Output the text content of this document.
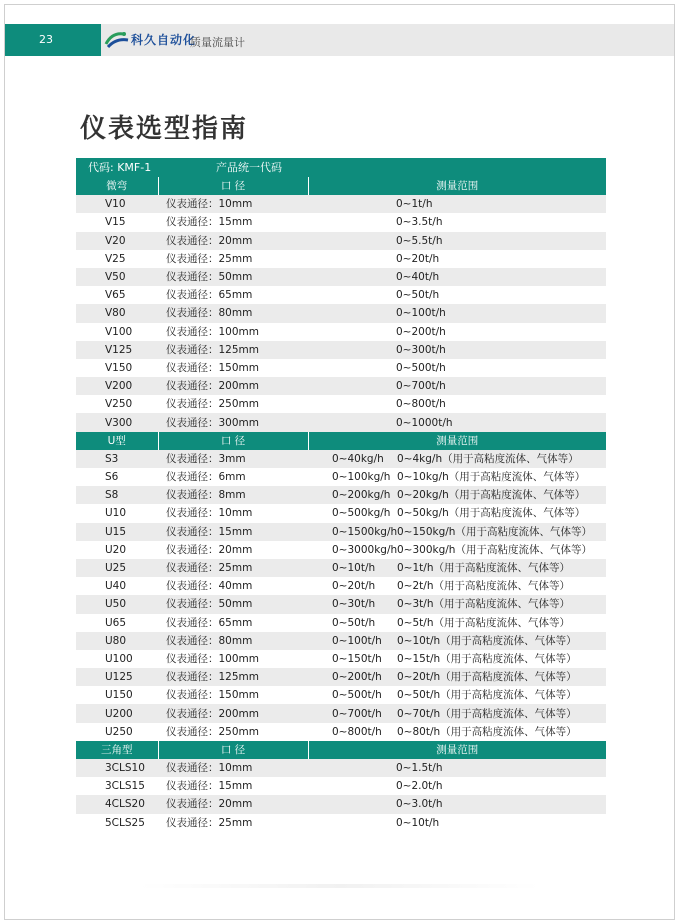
23	科久自动化
质量流量计
仪表选型指南
代码: KMF-1	产品统一代码
微弯	口 径	测量范围
V10	仪表通径：10mm	0~1t/h
V15	仪表通径：15mm	0~3.5t/h
V20	仪表通径：20mm	0~5.5t/h
V25	仪表通径：25mm	0~20t/h
V50	仪表通径：50mm	0~40t/h
V65	仪表通径：65mm	0~50t/h
V80	仪表通径：80mm	0~100t/h
V100	仪表通径：100mm	0~200t/h
V125	仪表通径：125mm	0~300t/h
V150	仪表通径：150mm	0~500t/h
V200	仪表通径：200mm	0~700t/h
V250	仪表通径：250mm	0~800t/h
V300	仪表通径：300mm	0~1000t/h
U型	口 径	测量范围
S3	仪表通径：3mm	0~40kg/h 0~4kg/h（用于高粘度流体、气体等）

S6	仪表通径：6mm	0~100kg/h 0~10kg/h（用于高粘度流体、气体等）

S8	仪表通径：8mm	0~200kg/h 0~20kg/h（用于高粘度流体、气体等）

U10	仪表通径：10mm	0~500kg/h 0~50kg/h（用于高粘度流体、气体等）

U15	仪表通径：15mm	0~1500kg/h 0~150kg/h（用于高粘度流体、气体等）

U20	仪表通径：20mm	0~3000kg/h 0~300kg/h（用于高粘度流体、气体等）

U25	仪表通径：25mm	0~10t/h 0~1t/h（用于高粘度流体、气体等）

U40	仪表通径：40mm	0~20t/h 0~2t/h（用于高粘度流体、气体等）

U50	仪表通径：50mm	0~30t/h 0~3t/h（用于高粘度流体、气体等）

U65	仪表通径：65mm	0~50t/h 0~5t/h（用于高粘度流体、气体等）

U80	仪表通径：80mm	0~100t/h 0~10t/h（用于高粘度流体、气体等）

U100	仪表通径：100mm	0~150t/h 0~15t/h（用于高粘度流体、气体等）

U125	仪表通径：125mm	0~200t/h 0~20t/h（用于高粘度流体、气体等）

U150	仪表通径：150mm	0~500t/h 0~50t/h（用于高粘度流体、气体等）

U200	仪表通径：200mm	0~700t/h 0~70t/h（用于高粘度流体、气体等）

U250	仪表通径：250mm	0~800t/h 0~80t/h（用于高粘度流体、气体等）

三角型	口 径	测量范围
3CLS10	仪表通径：10mm	0~1.5t/h
3CLS15	仪表通径：15mm	0~2.0t/h
4CLS20	仪表通径：20mm	0~3.0t/h
5CLS25	仪表通径：25mm	0~10t/h
